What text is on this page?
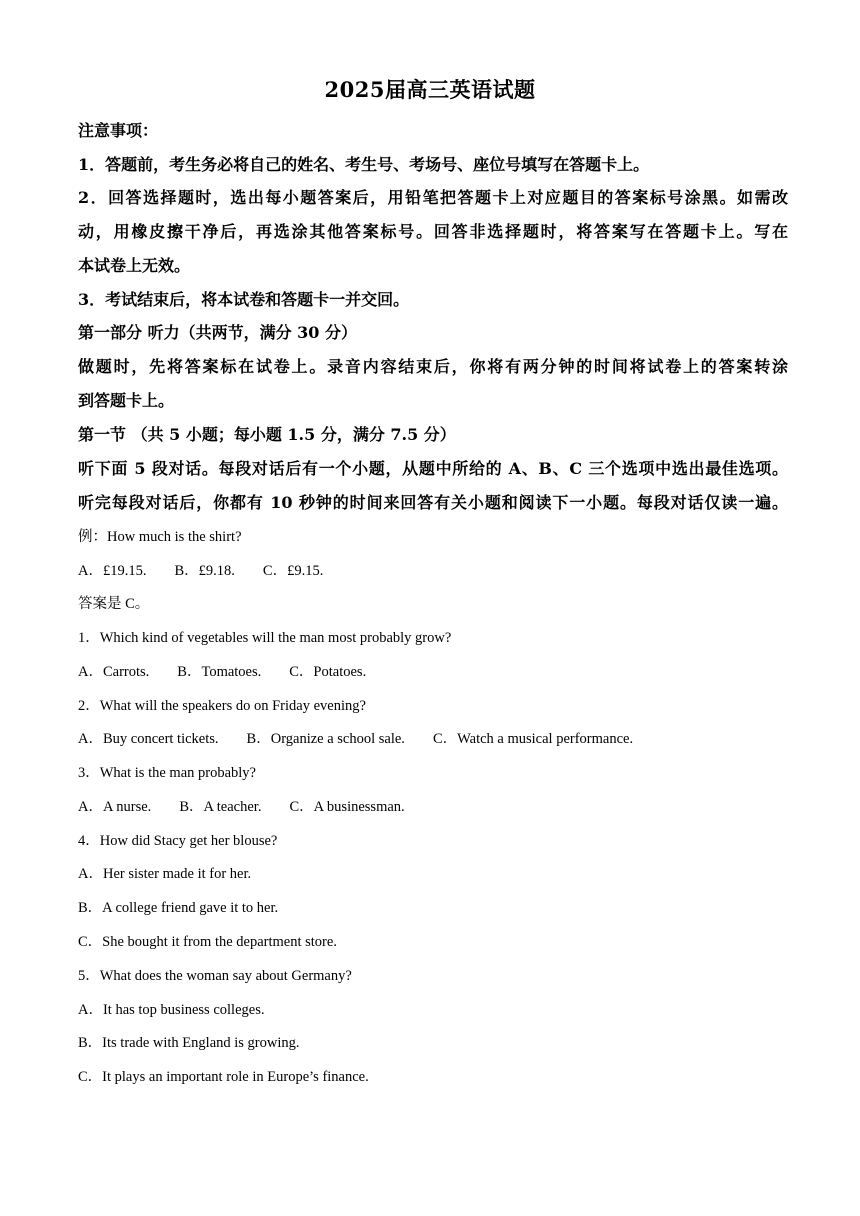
2025届高三英语试题
注意事项：
1．答题前，考生务必将自己的姓名、考生号、考场号、座位号填写在答题卡上。
2．回答选择题时，选出每小题答案后，用铅笔把答题卡上对应题目的答案标号涂黑。如需改
动，用橡皮擦干净后，再选涂其他答案标号。回答非选择题时，将答案写在答题卡上。写在
本试卷上无效。
3．考试结束后，将本试卷和答题卡一并交回。
第一部分 听力（共两节，满分 30 分）
做题时，先将答案标在试卷上。录音内容结束后，你将有两分钟的时间将试卷上的答案转涂
到答题卡上。
第一节 （共 5 小题；每小题 1.5 分，满分 7.5 分）
听下面 5 段对话。每段对话后有一个小题，从题中所给的 A、B、C 三个选项中选出最佳选项。
听完每段对话后，你都有 10 秒钟的时间来回答有关小题和阅读下一小题。每段对话仅读一遍。
例：How much is the shirt?
A．£19.15. B．£9.18. C．£9.15.
答案是 C。
1．Which kind of vegetables will the man most probably grow?
A．Carrots. B．Tomatoes. C．Potatoes.
2．What will the speakers do on Friday evening?
A．Buy concert tickets. B．Organize a school sale. C．Watch a musical performance.
3．What is the man probably?
A．A nurse. B．A teacher. C．A businessman.
4．How did Stacy get her blouse?
A．Her sister made it for her.
B．A college friend gave it to her.
C．She bought it from the department store.
5．What does the woman say about Germany?
A．It has top business colleges.
B．Its trade with England is growing.
C．It plays an important role in Europe’s finance.
